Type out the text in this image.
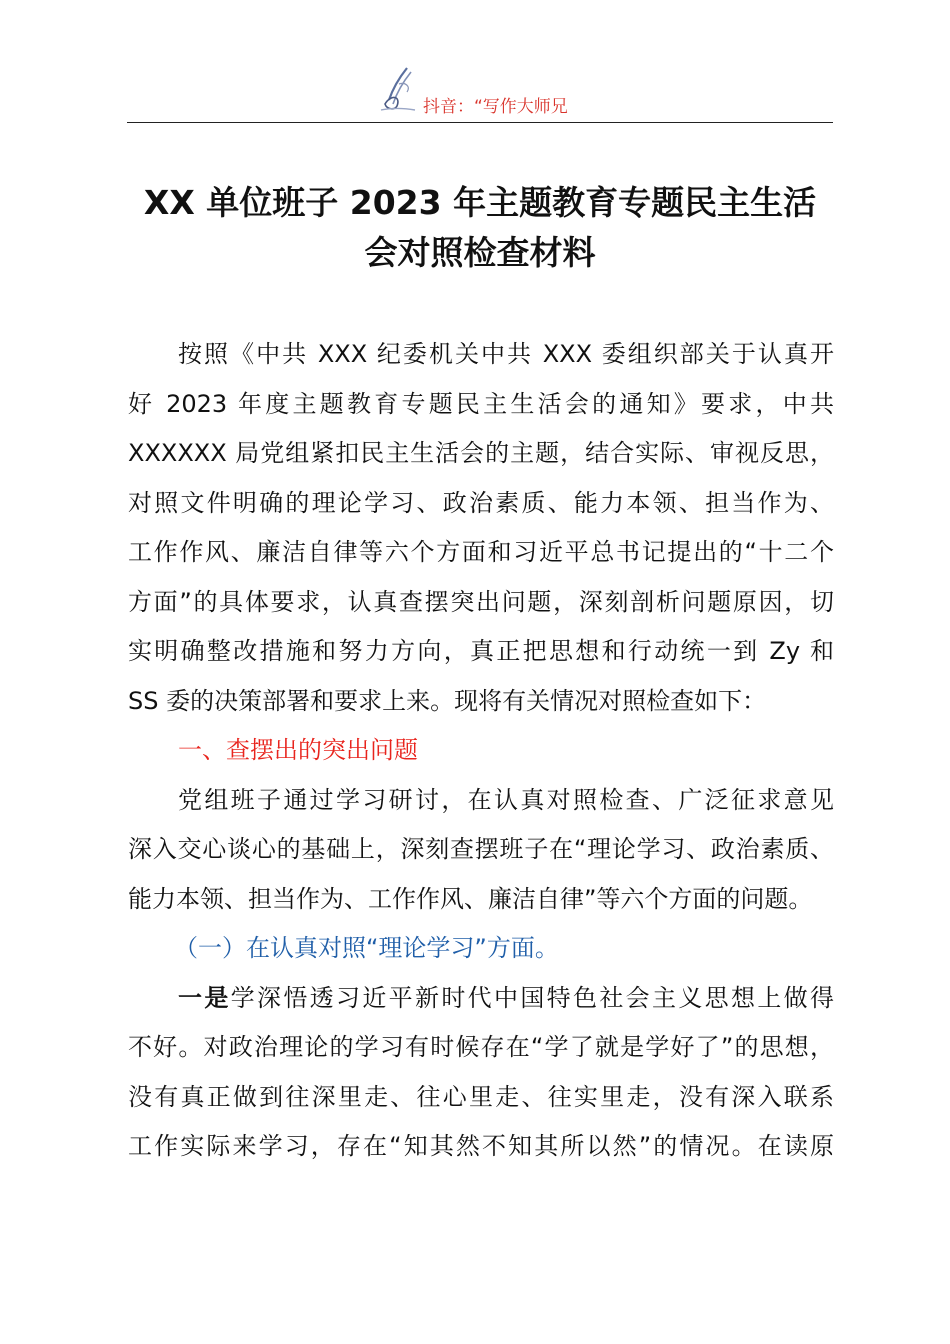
抖音：“写作大师兄
XX 单位班子 2023 年主题教育专题民主生活
会对照检查材料
按照《中共 XXX 纪委机关中共 XXX 委组织部关于认真开
好 2023 年度主题教育专题民主生活会的通知》要求，中共
XXXXXX 局党组紧扣民主生活会的主题，结合实际、审视反思，
对照文件明确的理论学习、政治素质、能力本领、担当作为、
工作作风、廉洁自律等六个方面和习近平总书记提出的“十二个
方面”的具体要求，认真查摆突出问题，深刻剖析问题原因，切
实明确整改措施和努力方向，真正把思想和行动统一到 Zy 和
SS 委的决策部署和要求上来。现将有关情况对照检查如下：
一、查摆出的突出问题
党组班子通过学习研讨，在认真对照检查、广泛征求意见
深入交心谈心的基础上，深刻查摆班子在“理论学习、政治素质、
能力本领、担当作为、工作作风、廉洁自律”等六个方面的问题。
（一）在认真对照“理论学习”方面。
一是学深悟透习近平新时代中国特色社会主义思想上做得
不好。对政治理论的学习有时候存在“学了就是学好了”的思想，
没有真正做到往深里走、往心里走、往实里走，没有深入联系
工作实际来学习，存在“知其然不知其所以然”的情况。在读原
